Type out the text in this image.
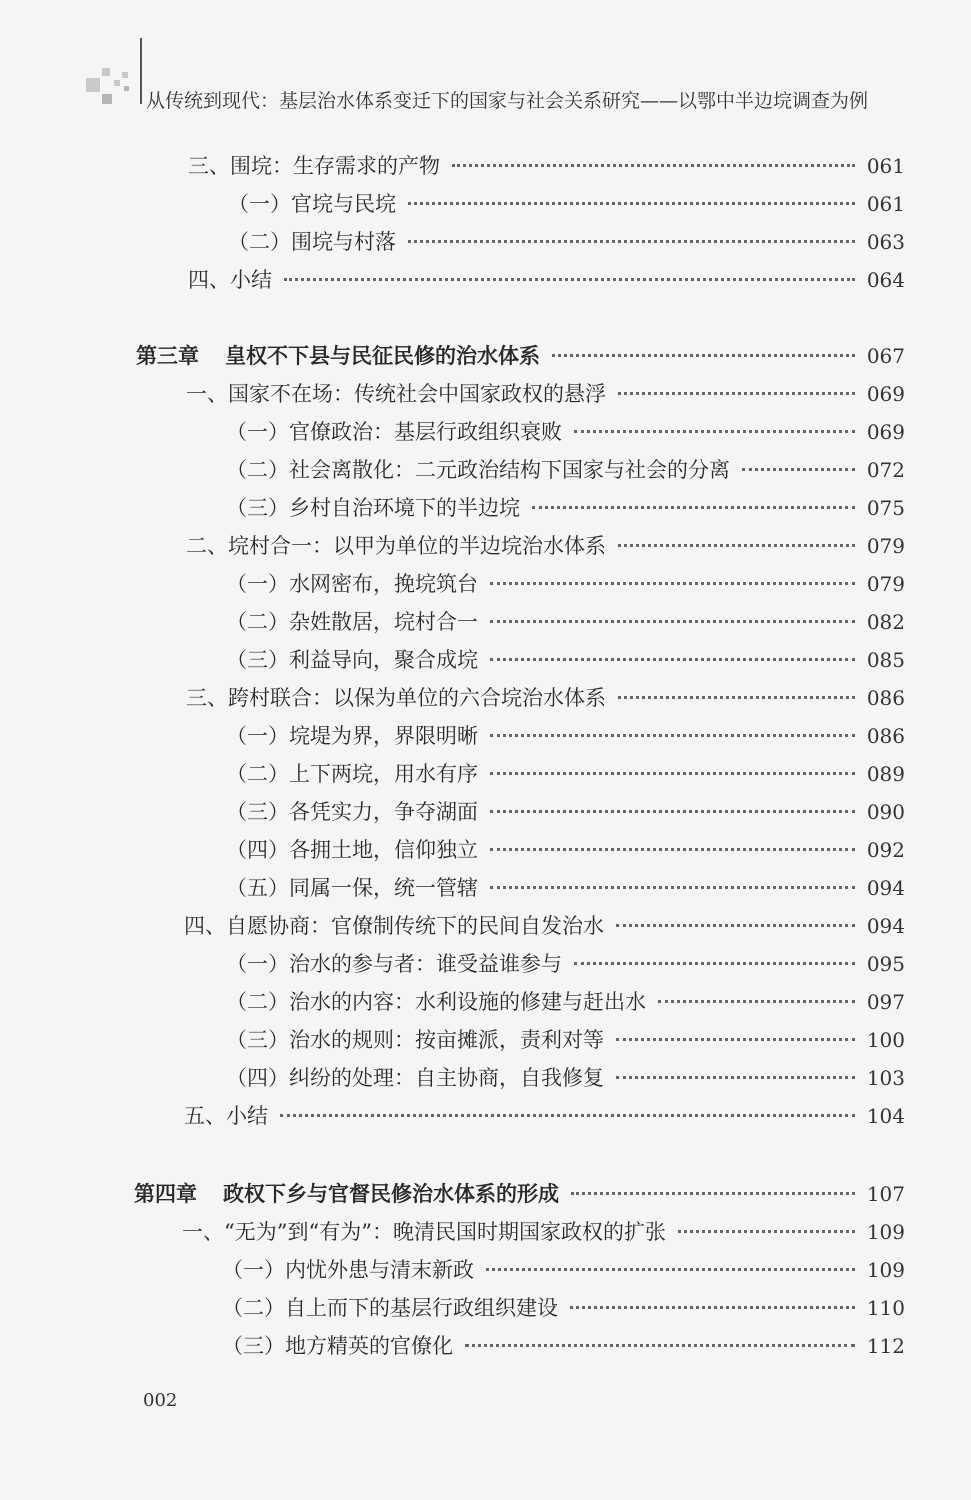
从传统到现代：基层治水体系变迁下的国家与社会关系研究——以鄂中半边垸调查为例
三、围垸：生存需求的产物	061
（一）官垸与民垸	061
（二）围垸与村落	063
四、小结	064
第三章 皇权不下县与民征民修的治水体系	067
一、国家不在场：传统社会中国家政权的悬浮	069
（一）官僚政治：基层行政组织衰败	069
（二）社会离散化：二元政治结构下国家与社会的分离	072
（三）乡村自治环境下的半边垸	075
二、垸村合一：以甲为单位的半边垸治水体系	079
（一）水网密布，挽垸筑台	079
（二）杂姓散居，垸村合一	082
（三）利益导向，聚合成垸	085
三、跨村联合：以保为单位的六合垸治水体系	086
（一）垸堤为界，界限明晰	086
（二）上下两垸，用水有序	089
（三）各凭实力，争夺湖面	090
（四）各拥土地，信仰独立	092
（五）同属一保，统一管辖	094
四、自愿协商：官僚制传统下的民间自发治水	094
（一）治水的参与者：谁受益谁参与	095
（二）治水的内容：水利设施的修建与赶出水	097
（三）治水的规则：按亩摊派，责利对等	100
（四）纠纷的处理：自主协商，自我修复	103
五、小结	104
第四章 政权下乡与官督民修治水体系的形成	107
一、“无为”到“有为”：晚清民国时期国家政权的扩张	109
（一）内忧外患与清末新政	109
（二）自上而下的基层行政组织建设	110
（三）地方精英的官僚化	112
002
